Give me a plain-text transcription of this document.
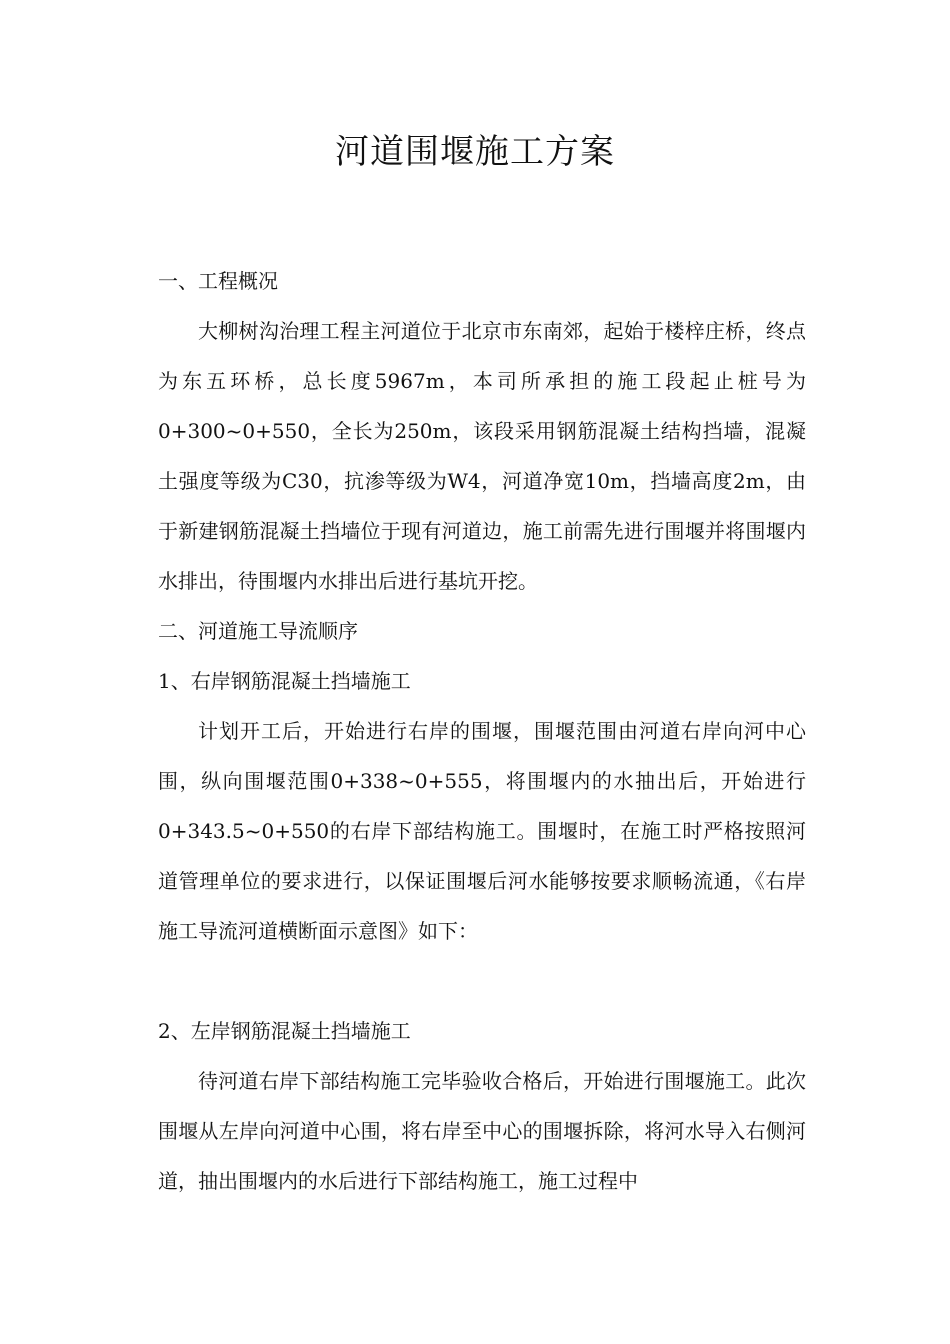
河道围堰施工方案

一、工程概况

大柳树沟治理工程主河道位于北京市东南郊，起始于楼梓庄桥，终点为东五环桥，总长度5967m，本司所承担的施工段起止桩号为0+300~0+550，全长为250m，该段采用钢筋混凝土结构挡墙，混凝土强度等级为C30，抗渗等级为W4，河道净宽10m，挡墙高度2m，由于新建钢筋混凝土挡墙位于现有河道边，施工前需先进行围堰并将围堰内水排出，待围堰内水排出后进行基坑开挖。

二、河道施工导流顺序

1、右岸钢筋混凝土挡墙施工

计划开工后，开始进行右岸的围堰，围堰范围由河道右岸向河中心围，纵向围堰范围0+338~0+555，将围堰内的水抽出后，开始进行0+343.5~0+550的右岸下部结构施工。围堰时，在施工时严格按照河道管理单位的要求进行，以保证围堰后河水能够按要求顺畅流通，《右岸施工导流河道横断面示意图》如下：

2、左岸钢筋混凝土挡墙施工

待河道右岸下部结构施工完毕验收合格后，开始进行围堰施工。此次围堰从左岸向河道中心围，将右岸至中心的围堰拆除，将河水导入右侧河道，抽出围堰内的水后进行下部结构施工，施工过程中
